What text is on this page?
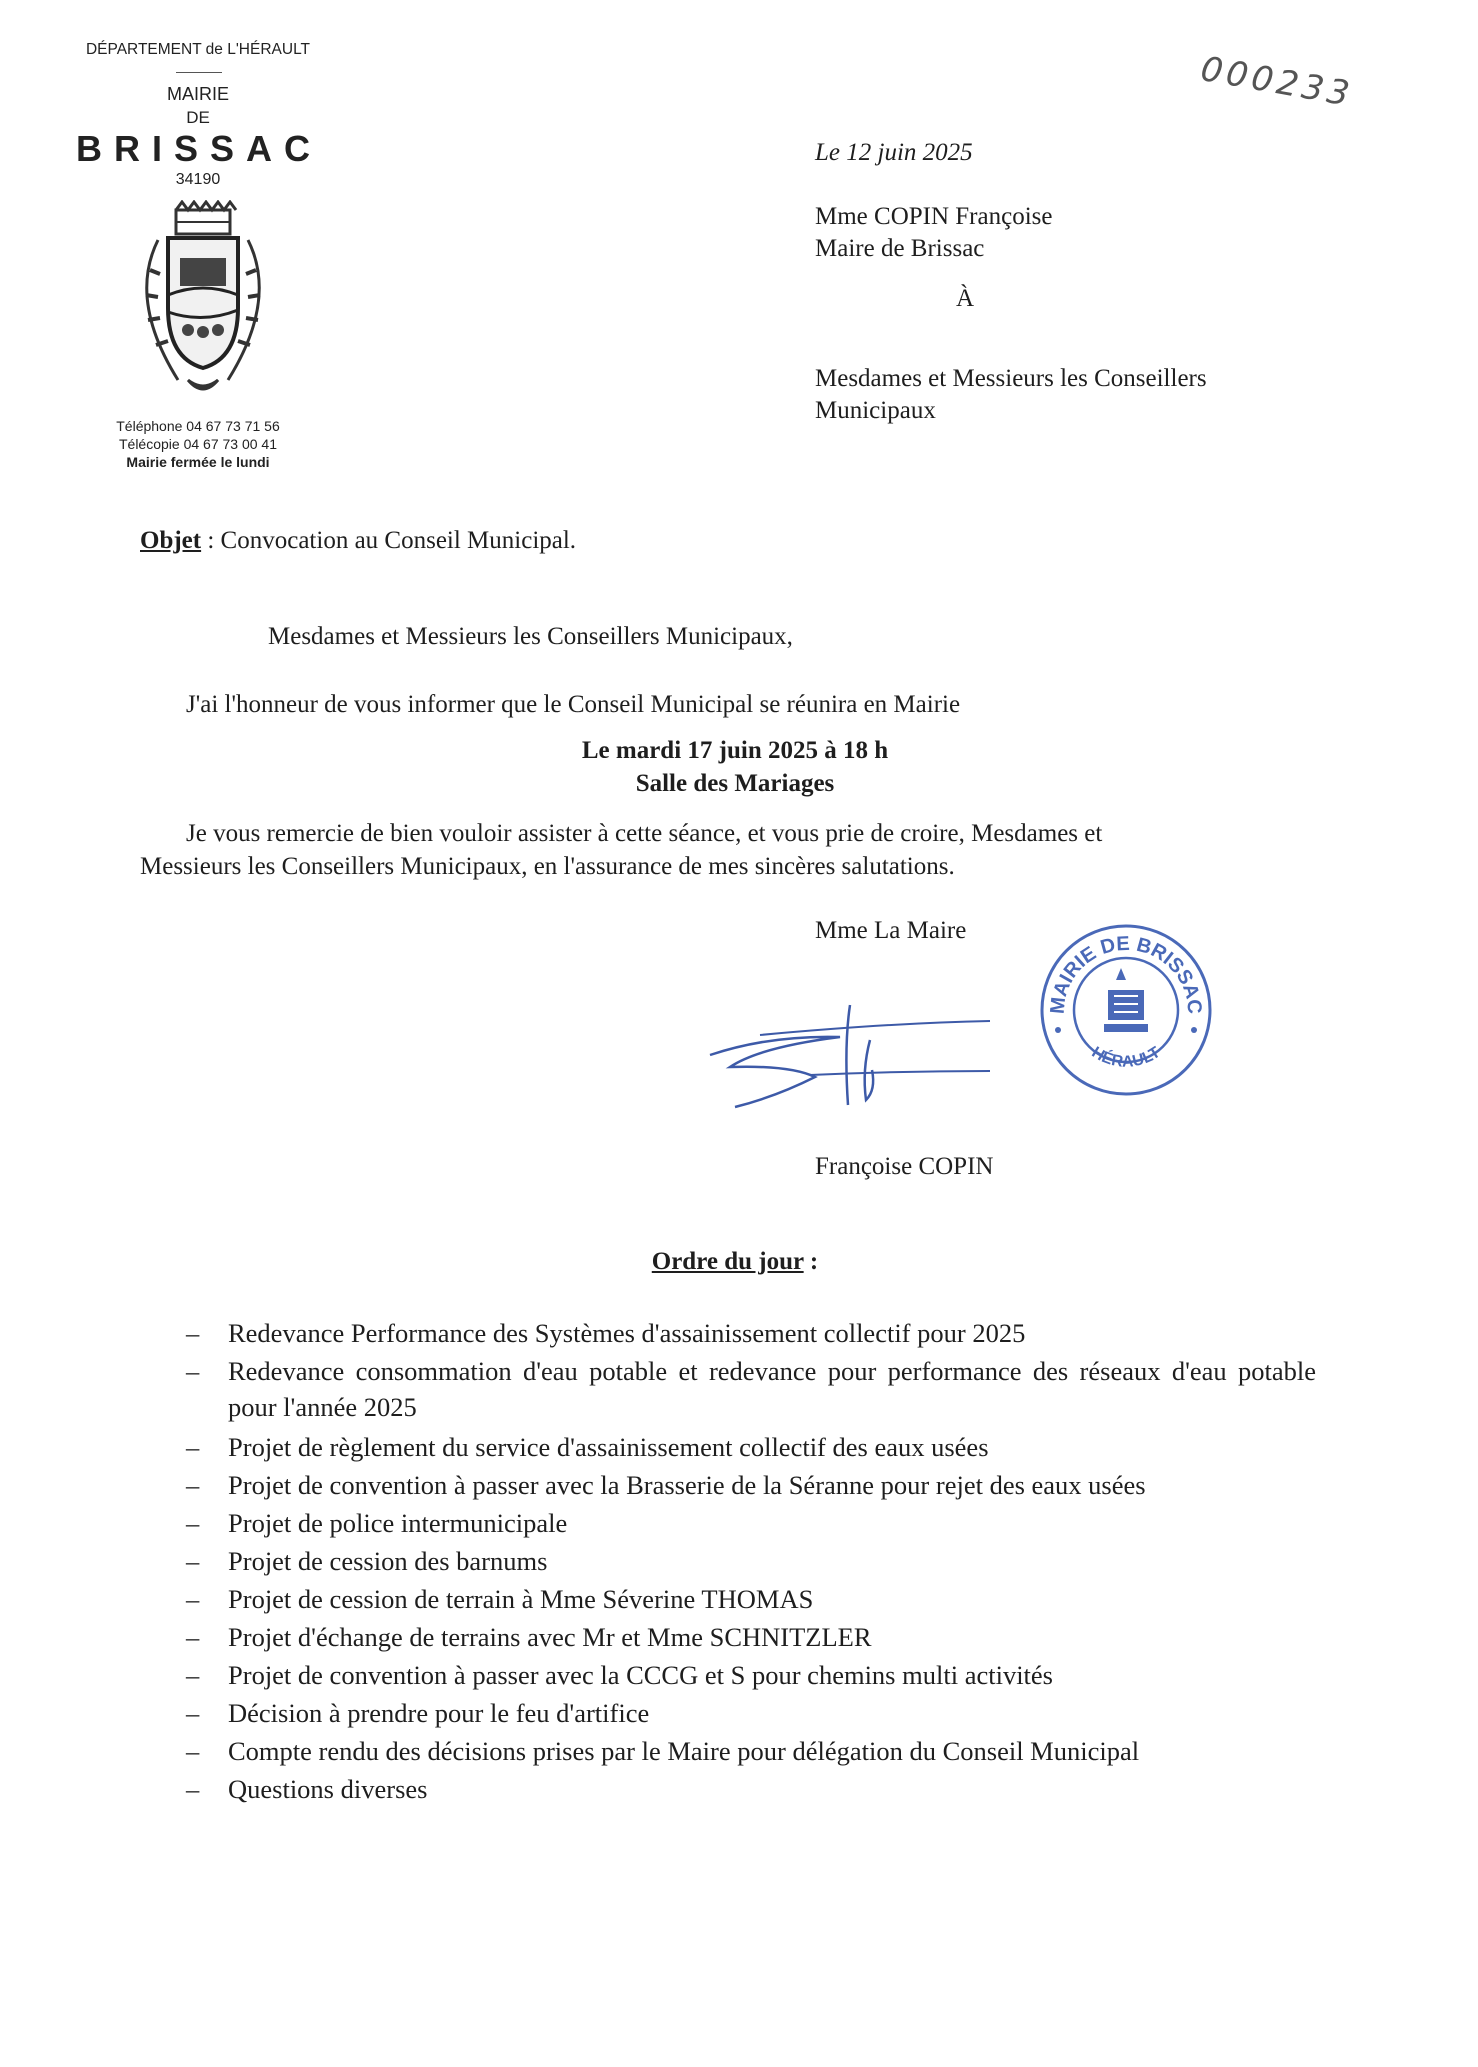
DÉPARTEMENT de L'HÉRAULT
MAIRIE
DE
BRISSAC
34190
Téléphone 04 67 73 71 56
Télécopie 04 67 73 00 41
Mairie fermée le lundi
000233
Le 12 juin 2025
Mme COPIN Françoise
Maire de Brissac
À
Mesdames et Messieurs les Conseillers
Municipaux
Objet : Convocation au Conseil Municipal.
Mesdames et Messieurs les Conseillers Municipaux,
J'ai l'honneur de vous informer que le Conseil Municipal se réunira en Mairie
Le mardi 17 juin 2025 à 18 h
Salle des Mariages
Je vous remercie de bien vouloir assister à cette séance, et vous prie de croire, Mesdames et
Messieurs les Conseillers Municipaux, en l'assurance de mes sincères salutations.
Mme La Maire
MAIRIE DE BRISSAC
HÉRAULT
Françoise COPIN
Ordre du jour :
– Redevance Performance des Systèmes d'assainissement collectif pour 2025
– Redevance consommation d'eau potable et redevance pour performance des réseaux d'eau potable pour l'année 2025
– Projet de règlement du service d'assainissement collectif des eaux usées
– Projet de convention à passer avec la Brasserie de la Séranne pour rejet des eaux usées
– Projet de police intermunicipale
– Projet de cession des barnums
– Projet de cession de terrain à Mme Séverine THOMAS
– Projet d'échange de terrains avec Mr et Mme SCHNITZLER
– Projet de convention à passer avec la CCCG et S pour chemins multi activités
– Décision à prendre pour le feu d'artifice
– Compte rendu des décisions prises par le Maire pour délégation du Conseil Municipal
– Questions diverses
